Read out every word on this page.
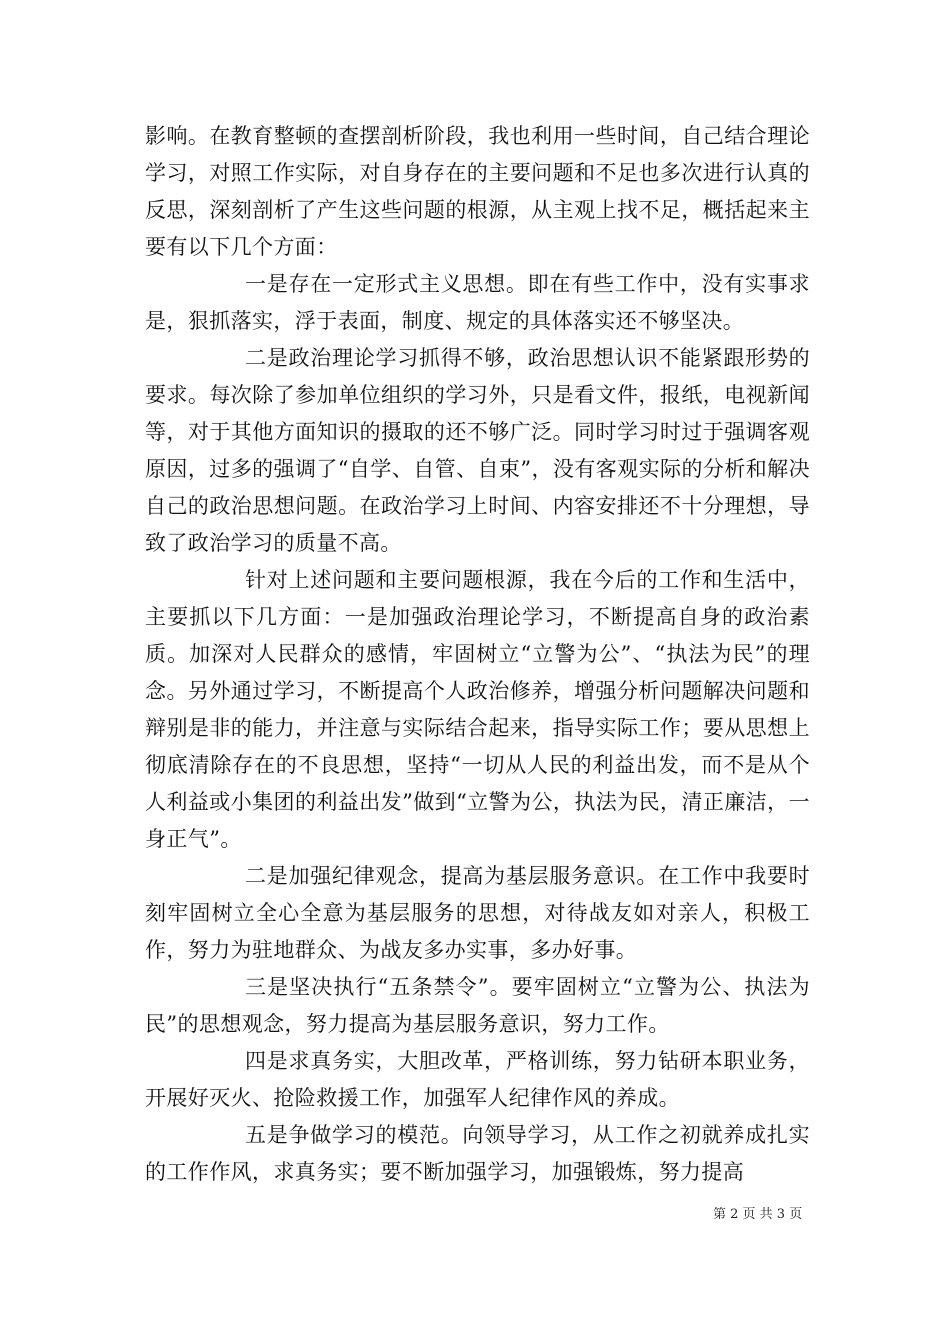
影响。在教育整顿的查摆剖析阶段，我也利用一些时间，自己结合理论学习，对照工作实际，对自身存在的主要问题和不足也多次进行认真的反思，深刻剖析了产生这些问题的根源，从主观上找不足，概括起来主要有以下几个方面：

一是存在一定形式主义思想。即在有些工作中，没有实事求是，狠抓落实，浮于表面，制度、规定的具体落实还不够坚决。

二是政治理论学习抓得不够，政治思想认识不能紧跟形势的要求。每次除了参加单位组织的学习外，只是看文件，报纸，电视新闻等，对于其他方面知识的摄取的还不够广泛。同时学习时过于强调客观原因，过多的强调了“自学、自管、自束”，没有客观实际的分析和解决自己的政治思想问题。在政治学习上时间、内容安排还不十分理想，导致了政治学习的质量不高。

针对上述问题和主要问题根源，我在今后的工作和生活中，主要抓以下几方面：一是加强政治理论学习，不断提高自身的政治素质。加深对人民群众的感情，牢固树立“立警为公”、“执法为民”的理念。另外通过学习，不断提高个人政治修养，增强分析问题解决问题和辩别是非的能力，并注意与实际结合起来，指导实际工作；要从思想上彻底清除存在的不良思想，坚持“一切从人民的利益出发，而不是从个人利益或小集团的利益出发”做到“立警为公，执法为民，清正廉洁，一身正气”。

二是加强纪律观念，提高为基层服务意识。在工作中我要时刻牢固树立全心全意为基层服务的思想，对待战友如对亲人，积极工作，努力为驻地群众、为战友多办实事，多办好事。

三是坚决执行“五条禁令”。要牢固树立“立警为公、执法为民”的思想观念，努力提高为基层服务意识，努力工作。

四是求真务实，大胆改革，严格训练，努力钻研本职业务，开展好灭火、抢险救援工作，加强军人纪律作风的养成。

五是争做学习的模范。向领导学习，从工作之初就养成扎实的工作作风，求真务实；要不断加强学习，加强锻炼，努力提高

第 2 页 共 3 页
